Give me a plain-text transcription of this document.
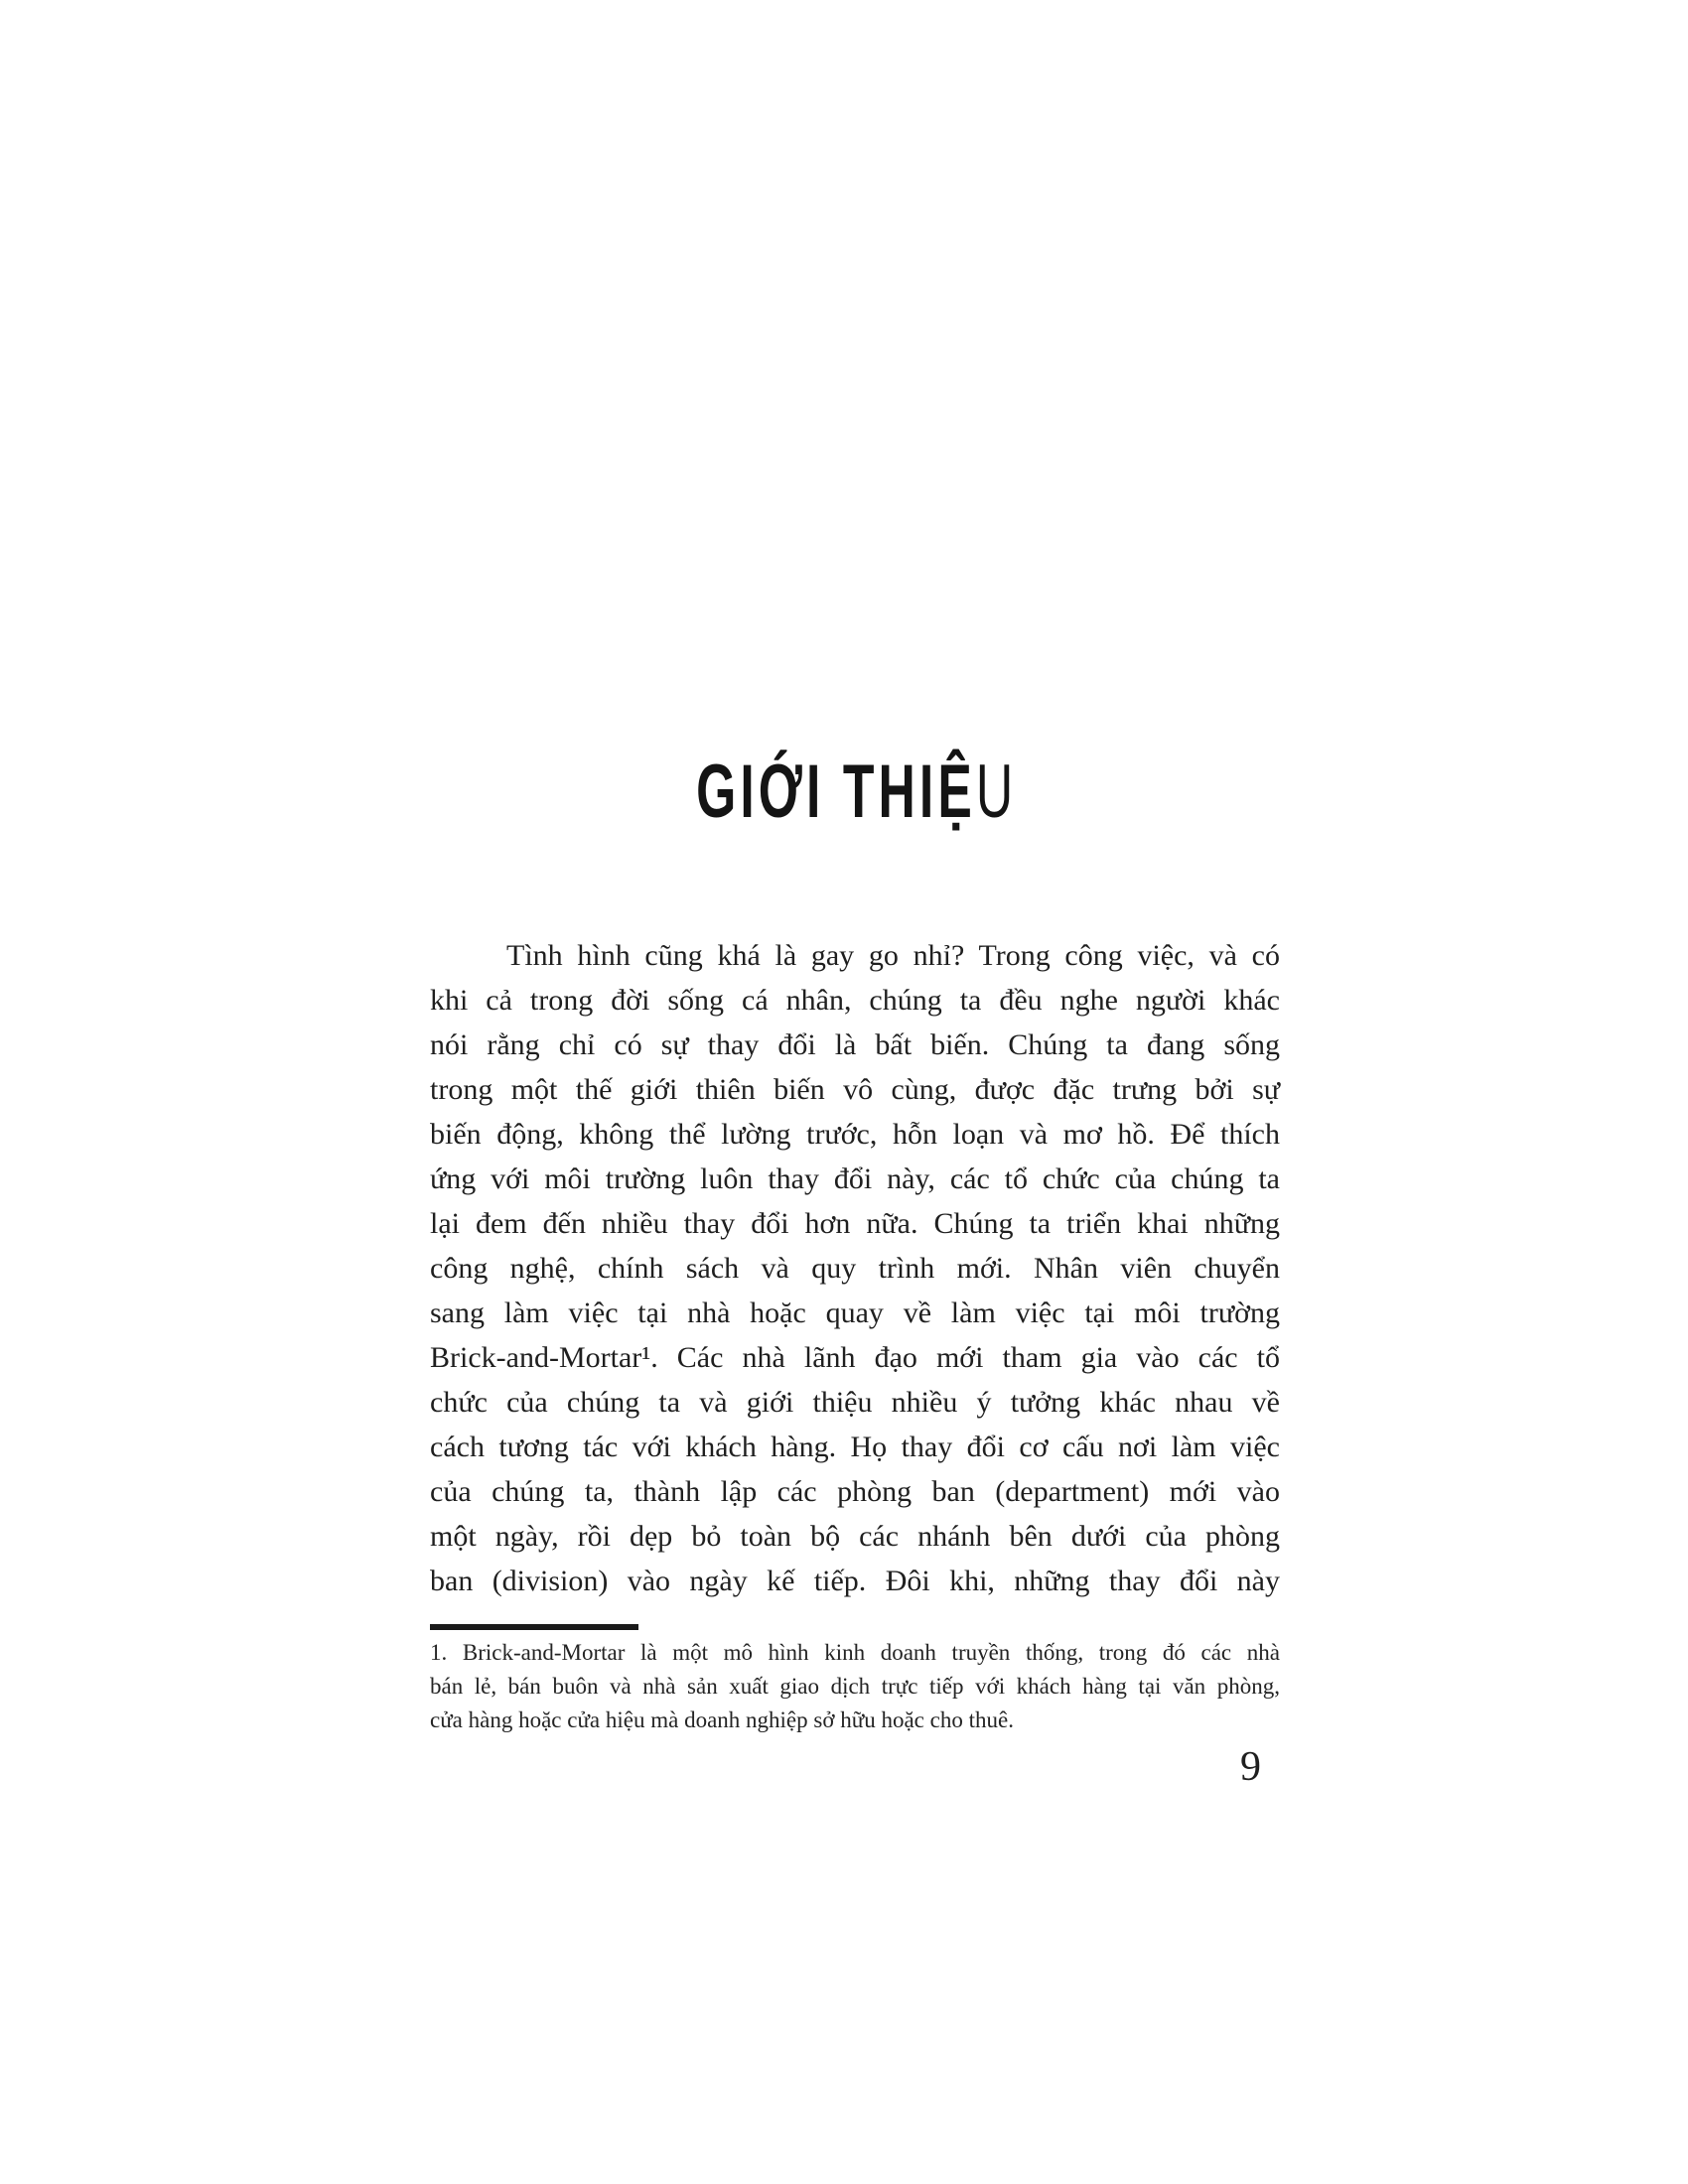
GIỚI THIỆU
Tình hình cũng khá là gay go nhỉ? Trong công việc, và có
khi cả trong đời sống cá nhân, chúng ta đều nghe người khác
nói rằng chỉ có sự thay đổi là bất biến. Chúng ta đang sống
trong một thế giới thiên biến vô cùng, được đặc trưng bởi sự
biến động, không thể lường trước, hỗn loạn và mơ hồ. Để thích
ứng với môi trường luôn thay đổi này, các tổ chức của chúng ta
lại đem đến nhiều thay đổi hơn nữa. Chúng ta triển khai những
công nghệ, chính sách và quy trình mới. Nhân viên chuyển
sang làm việc tại nhà hoặc quay về làm việc tại môi trường
Brick-and-Mortar¹. Các nhà lãnh đạo mới tham gia vào các tổ
chức của chúng ta và giới thiệu nhiều ý tưởng khác nhau về
cách tương tác với khách hàng. Họ thay đổi cơ cấu nơi làm việc
của chúng ta, thành lập các phòng ban (department) mới vào
một ngày, rồi dẹp bỏ toàn bộ các nhánh bên dưới của phòng
ban (division) vào ngày kế tiếp. Đôi khi, những thay đổi này
1. Brick-and-Mortar là một mô hình kinh doanh truyền thống, trong đó các nhà
bán lẻ, bán buôn và nhà sản xuất giao dịch trực tiếp với khách hàng tại văn phòng,
cửa hàng hoặc cửa hiệu mà doanh nghiệp sở hữu hoặc cho thuê.
9
